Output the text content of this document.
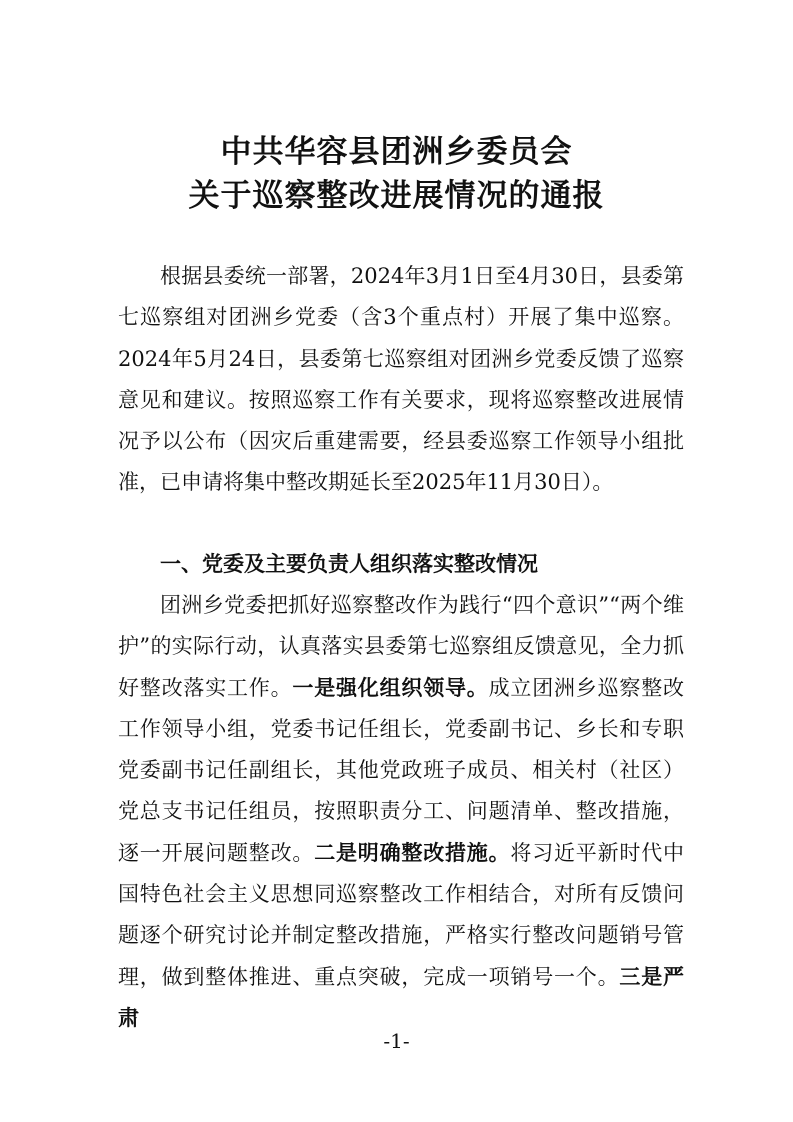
中共华容县团洲乡委员会
关于巡察整改进展情况的通报

根据县委统一部署，2024年3月1日至4月30日，县委第七巡察组对团洲乡党委（含3个重点村）开展了集中巡察。2024年5月24日，县委第七巡察组对团洲乡党委反馈了巡察意见和建议。按照巡察工作有关要求，现将巡察整改进展情况予以公布（因灾后重建需要，经县委巡察工作领导小组批准，已申请将集中整改期延长至2025年11月30日）。

一、党委及主要负责人组织落实整改情况

团洲乡党委把抓好巡察整改作为践行“四个意识”“两个维护”的实际行动，认真落实县委第七巡察组反馈意见，全力抓好整改落实工作。一是强化组织领导。成立团洲乡巡察整改工作领导小组，党委书记任组长，党委副书记、乡长和专职党委副书记任副组长，其他党政班子成员、相关村（社区）党总支书记任组员，按照职责分工、问题清单、整改措施，逐一开展问题整改。二是明确整改措施。将习近平新时代中国特色社会主义思想同巡察整改工作相结合，对所有反馈问题逐个研究讨论并制定整改措施，严格实行整改问题销号管理，做到整体推进、重点突破，完成一项销号一个。三是严肃

-1-
